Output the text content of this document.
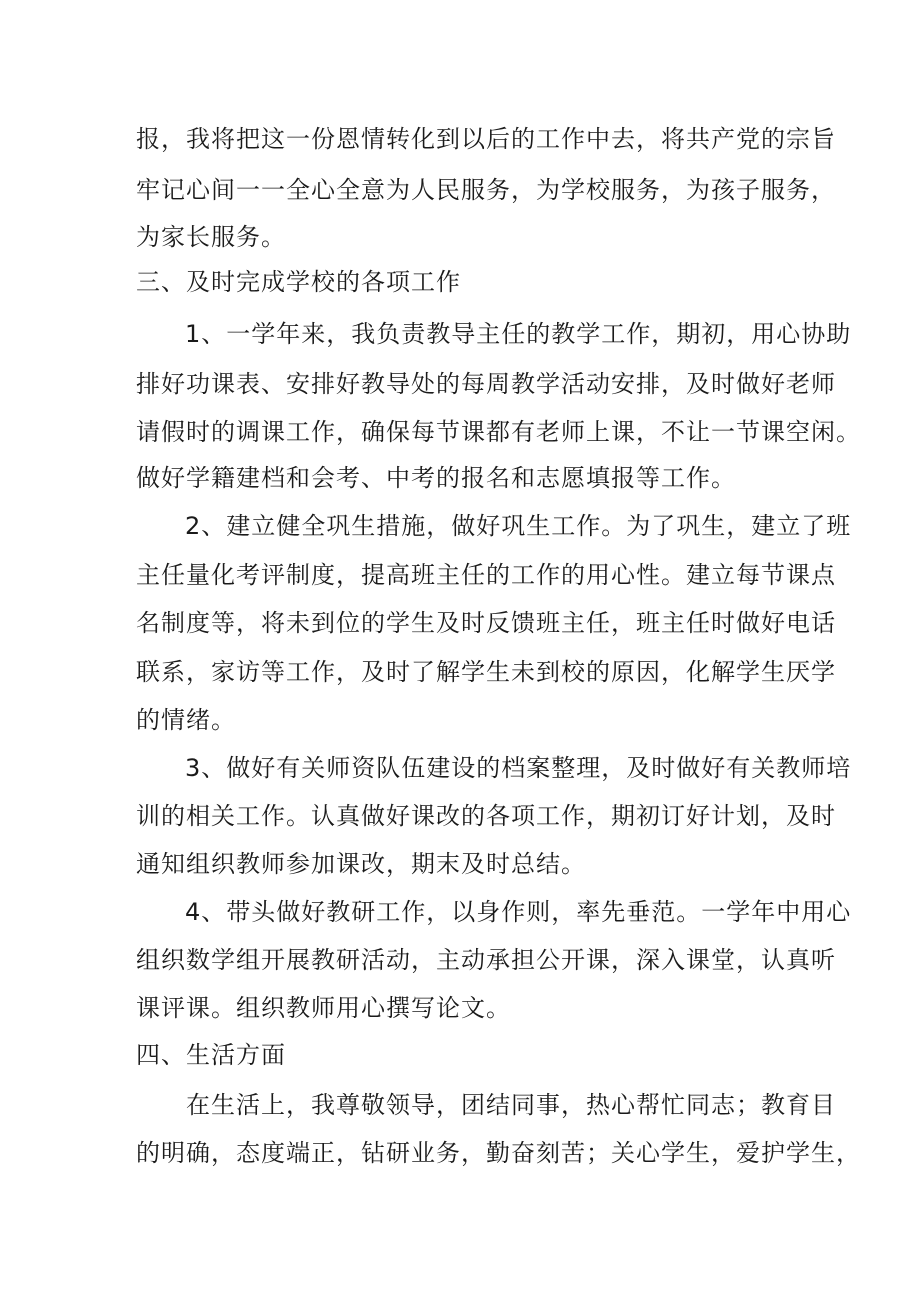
报，我将把这一份恩情转化到以后的工作中去，将共产党的宗旨

牢记心间一一全心全意为人民服务，为学校服务，为孩子服务，

为家长服务。

三、及时完成学校的各项工作

1、一学年来，我负责教导主任的教学工作，期初，用心协助

排好功课表、安排好教导处的每周教学活动安排，及时做好老师

请假时的调课工作，确保每节课都有老师上课，不让一节课空闲。

做好学籍建档和会考、中考的报名和志愿填报等工作。

2、建立健全巩生措施，做好巩生工作。为了巩生，建立了班

主任量化考评制度，提高班主任的工作的用心性。建立每节课点

名制度等，将未到位的学生及时反馈班主任，班主任时做好电话

联系，家访等工作，及时了解学生未到校的原因，化解学生厌学

的情绪。

3、做好有关师资队伍建设的档案整理，及时做好有关教师培

训的相关工作。认真做好课改的各项工作，期初订好计划，及时

通知组织教师参加课改，期末及时总结。

4、带头做好教研工作，以身作则，率先垂范。一学年中用心

组织数学组开展教研活动，主动承担公开课，深入课堂，认真听

课评课。组织教师用心撰写论文。

四、生活方面

在生活上，我尊敬领导，团结同事，热心帮忙同志；教育目

的明确，态度端正，钻研业务，勤奋刻苦；关心学生，爱护学生，
